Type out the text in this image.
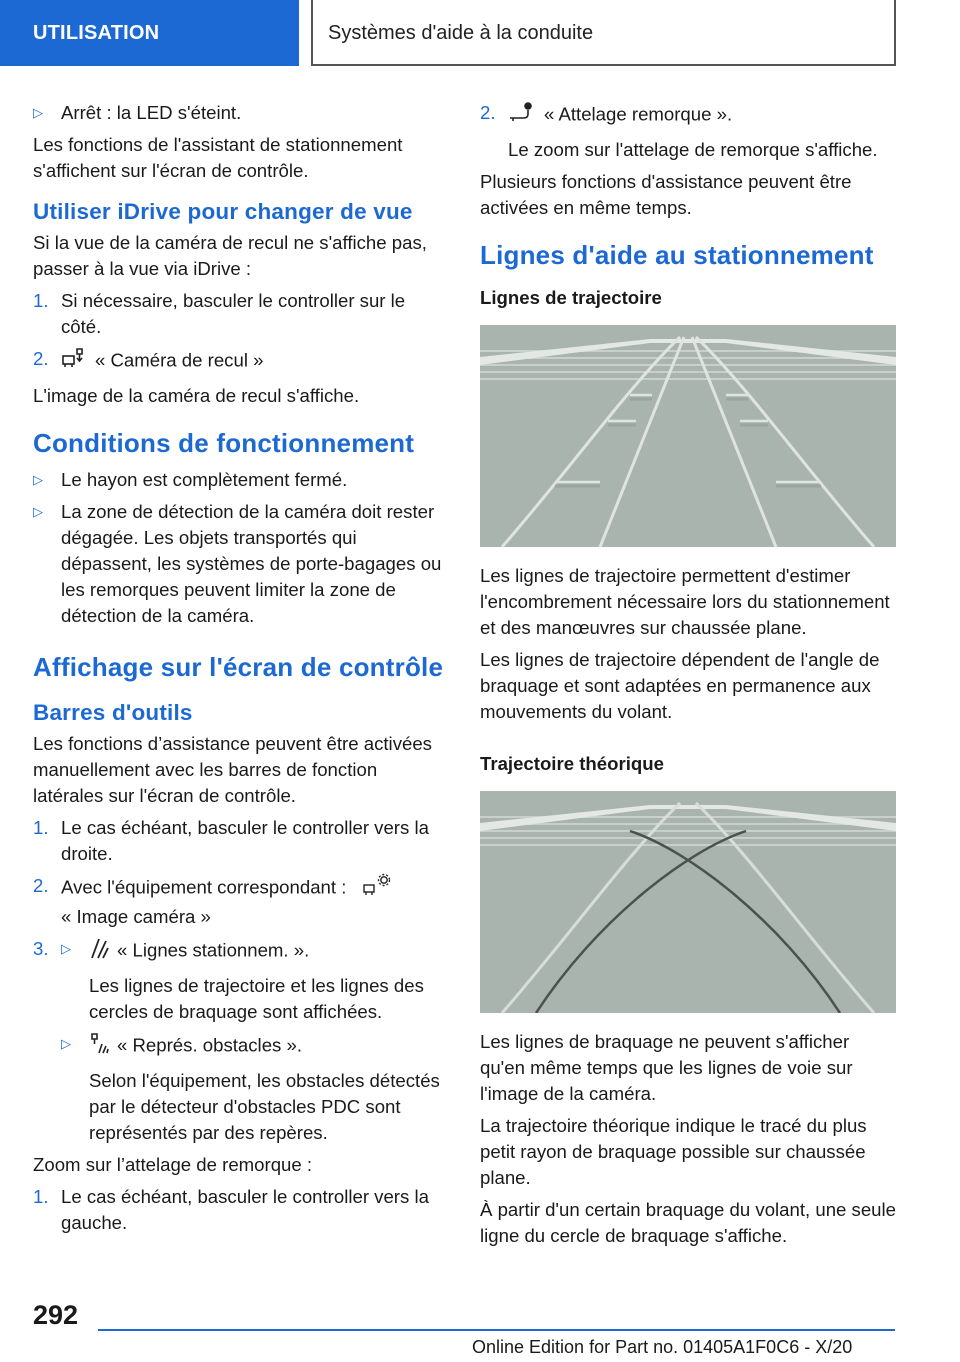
UTILISATION	Systèmes d'aide à la conduite
▷ Arrêt : la LED s'éteint.

Les fonctions de l'assistant de stationnement s'affichent sur l'écran de contrôle.

Utiliser iDrive pour changer de vue

Si la vue de la caméra de recul ne s'affiche pas, passer à la vue via iDrive :

1. Si nécessaire, basculer le controller sur le côté.
2. « Caméra de recul »

L'image de la caméra de recul s'affiche.

Conditions de fonctionnement
▷ Le hayon est complètement fermé.
▷ La zone de détection de la caméra doit rester dégagée. Les objets transportés qui dépassent, les systèmes de porte-bagages ou les remorques peuvent limiter la zone de détection de la caméra.
Affichage sur l'écran de contrôle
Barres d'outils

Les fonctions d’assistance peuvent être activées manuellement avec les barres de fonction latérales sur l'écran de contrôle.

1. Le cas échéant, basculer le controller vers la droite.
2. Avec l'équipement correspondant :
« Image caméra »
3. ▷ « Lignes stationnem. ».
Les lignes de trajectoire et les lignes des cercles de braquage sont affichées.
▷ « Représ. obstacles ».
Selon l'équipement, les obstacles détectés par le détecteur d'obstacles PDC sont représentés par des repères.

Zoom sur l’attelage de remorque :

1. Le cas échéant, basculer le controller vers la gauche.
2.	« Attelage remorque ».

Le zoom sur l'attelage de remorque s'affiche.

Plusieurs fonctions d'assistance peuvent être activées en même temps.

Lignes d'aide au stationnement
Lignes de trajectoire

Les lignes de trajectoire permettent d'estimer l'encombrement nécessaire lors du stationnement et des manœuvres sur chaussée plane.

Les lignes de trajectoire dépendent de l'angle de braquage et sont adaptées en permanence aux mouvements du volant.

Trajectoire théorique

Les lignes de braquage ne peuvent s'afficher qu'en même temps que les lignes de voie sur l'image de la caméra.

La trajectoire théorique indique le tracé du plus petit rayon de braquage possible sur chaussée plane.

À partir d'un certain braquage du volant, une seule ligne du cercle de braquage s'affiche.

292
Online Edition for Part no. 01405A1F0C6 - X/20
